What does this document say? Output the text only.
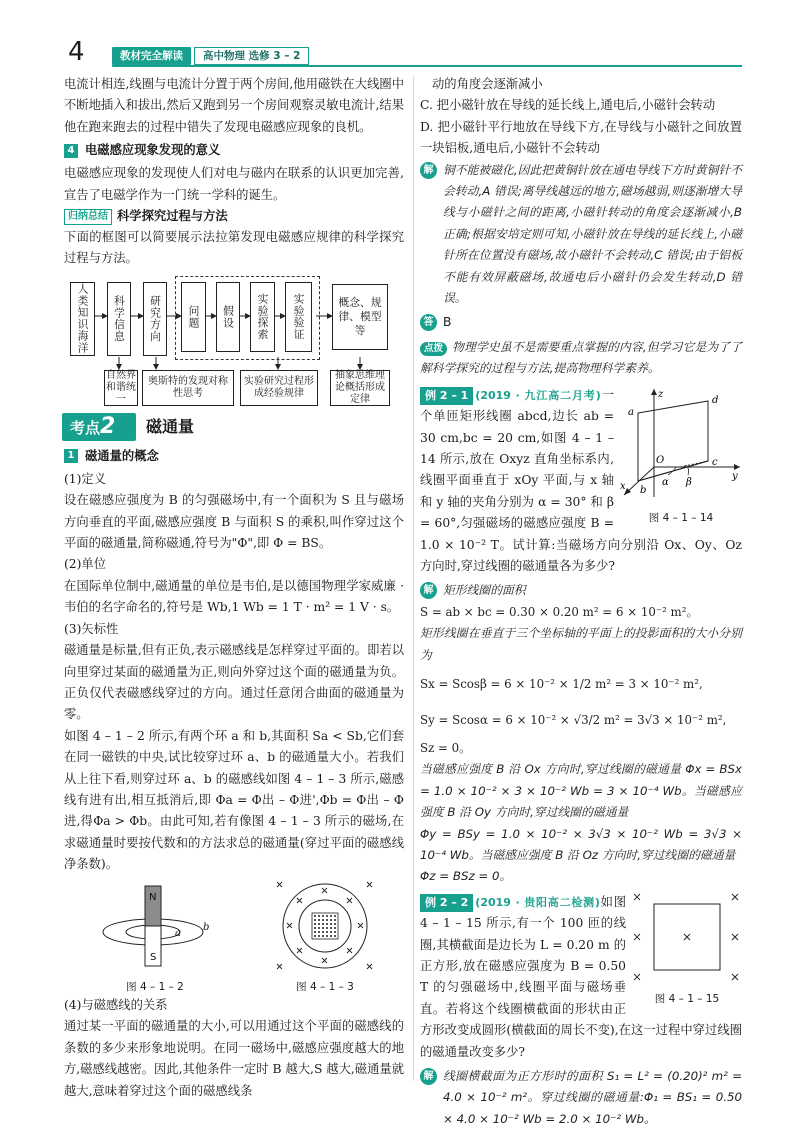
4	教材完全解读	高中物理 选修 3 – 2

电流计相连,线圈与电流计分置于两个房间,他用磁铁在大线圈中不断地插入和拔出,然后又跑到另一个房间观察灵敏电流计,结果他在跑来跑去的过程中错失了发现电磁感应现象的良机。

4 电磁感应现象发现的意义

电磁感应现象的发现使人们对电与磁内在联系的认识更加完善,宣告了电磁学作为一门统一学科的诞生。

归纳总结 科学探究过程与方法

下面的框图可以简要展示法拉第发现电磁感应规律的科学探究过程与方法。

人类知识海洋	科学信息	研究方向	问题	假设	实验探索	实验验证	概念、规律、模型等
自然界和谐统一
奥斯特的发现对称性思考
实验研究过程形成经验规律
抽象思维理论概括形成定律
考点2	磁通量
1 磁通量的概念

(1)定义

设在磁感应强度为 B 的匀强磁场中,有一个面积为 S 且与磁场方向垂直的平面,磁感应强度 B 与面积 S 的乘积,叫作穿过这个平面的磁通量,简称磁通,符号为"Φ",即 Φ = BS。

(2)单位

在国际单位制中,磁通量的单位是韦伯,是以德国物理学家威廉 · 韦伯的名字命名的,符号是 Wb,1 Wb = 1 T · m² = 1 V · s。

(3)矢标性

磁通量是标量,但有正负,表示磁感线是怎样穿过平面的。即若以向里穿过某面的磁通量为正,则向外穿过这个面的磁通量为负。正负仅代表磁感线穿过的方向。通过任意闭合曲面的磁通量为零。

如图 4 – 1 – 2 所示,有两个环 a 和 b,其面积 Sa < Sb,它们套在同一磁铁的中央,试比较穿过环 a、b 的磁通量大小。若我们从上往下看,则穿过环 a、b 的磁感线如图 4 – 1 – 3 所示,磁感线有进有出,相互抵消后,即 Φa = Φ出 – Φ进',Φb = Φ出 – Φ进,得Φa > Φb。由此可知,若有像图 4 – 1 – 3 所示的磁场,在求磁通量时要按代数和的方法求总的磁通量(穿过平面的磁感线净条数)。

N
S
a
b
图 4 – 1 – 2	图 4 – 1 – 3

(4)与磁感线的关系

通过某一平面的磁通量的大小,可以用通过这个平面的磁感线的条数的多少来形象地说明。在同一磁场中,磁感应强度越大的地方,磁感线越密。因此,其他条件一定时 B 越大,S 越大,磁通量就越大,意味着穿过这个面的磁感线条

动的角度会逐渐减小

C. 把小磁针放在导线的延长线上,通电后,小磁针会转动

D. 把小磁针平行地放在导线下方,在导线与小磁针之间放置一块铝板,通电后,小磁针不会转动

解 铜不能被磁化,因此把黄铜针放在通电导线下方时黄铜针不会转动,A 错误;离导线越远的地方,磁场越弱,则逐渐增大导线与小磁针之间的距离,小磁针转动的角度会逐渐减小,B 正确;根据安培定则可知,小磁针放在导线的延长线上,小磁针所在位置没有磁场,故小磁针不会转动,C 错误;由于铝板不能有效屏蔽磁场,故通电后小磁针仍会发生转动,D 错误。

答 B

点拨 物理学史虽不是需要重点掌握的内容,但学习它是为了了解科学探究的过程与方法,提高物理科学素养。

z
a
d
c
O
y
x b
α β
图 4 – 1 – 14

例 2 – 1 (2019 · 九江高二月考)一个单匝矩形线圈 abcd,边长 ab = 30 cm,bc = 20 cm,如图 4 – 1 – 14 所示,放在 Oxyz 直角坐标系内,线圈平面垂直于 xOy 平面,与 x 轴和 y 轴的夹角分别为 α = 30° 和 β = 60°,匀强磁场的磁感应强度 B = 1.0 × 10⁻² T。试计算:当磁场方向分别沿 Ox、Oy、Oz 方向时,穿过线圈的磁通量各为多少?

解 矩形线圈的面积

S = ab × bc = 0.30 × 0.20 m² = 6 × 10⁻² m²。

矩形线圈在垂直于三个坐标轴的平面上的投影面积的大小分别为

Sx = Scosβ = 6 × 10⁻² × 1/2 m² = 3 × 10⁻² m²,

Sy = Scosα = 6 × 10⁻² × √3/2 m² = 3√3 × 10⁻² m²,

Sz = 0。

当磁感应强度 B 沿 Ox 方向时,穿过线圈的磁通量 Φx = BSx = 1.0 × 10⁻² × 3 × 10⁻² Wb = 3 × 10⁻⁴ Wb。当磁感应强度 B 沿 Oy 方向时,穿过线圈的磁通量

Φy = BSy = 1.0 × 10⁻² × 3√3 × 10⁻² Wb = 3√3 × 10⁻⁴ Wb。当磁感应强度 B 沿 Oz 方向时,穿过线圈的磁通量

Φz = BSz = 0。

图 4 – 1 – 15

例 2 – 2 (2019 · 贵阳高二检测)如图 4 – 1 – 15 所示,有一个 100 匝的线圈,其横截面是边长为 L = 0.20 m 的正方形,放在磁感应强度为 B = 0.50 T 的匀强磁场中,线圈平面与磁场垂直。若将这个线圈横截面的形状由正方形改变成圆形(横截面的周长不变),在这一过程中穿过线圈的磁通量改变多少?

解 线圈横截面为正方形时的面积 S₁ = L² = (0.20)² m² = 4.0 × 10⁻² m²。穿过线圈的磁通量:Φ₁ = BS₁ = 0.50 × 4.0 × 10⁻² Wb = 2.0 × 10⁻² Wb。
